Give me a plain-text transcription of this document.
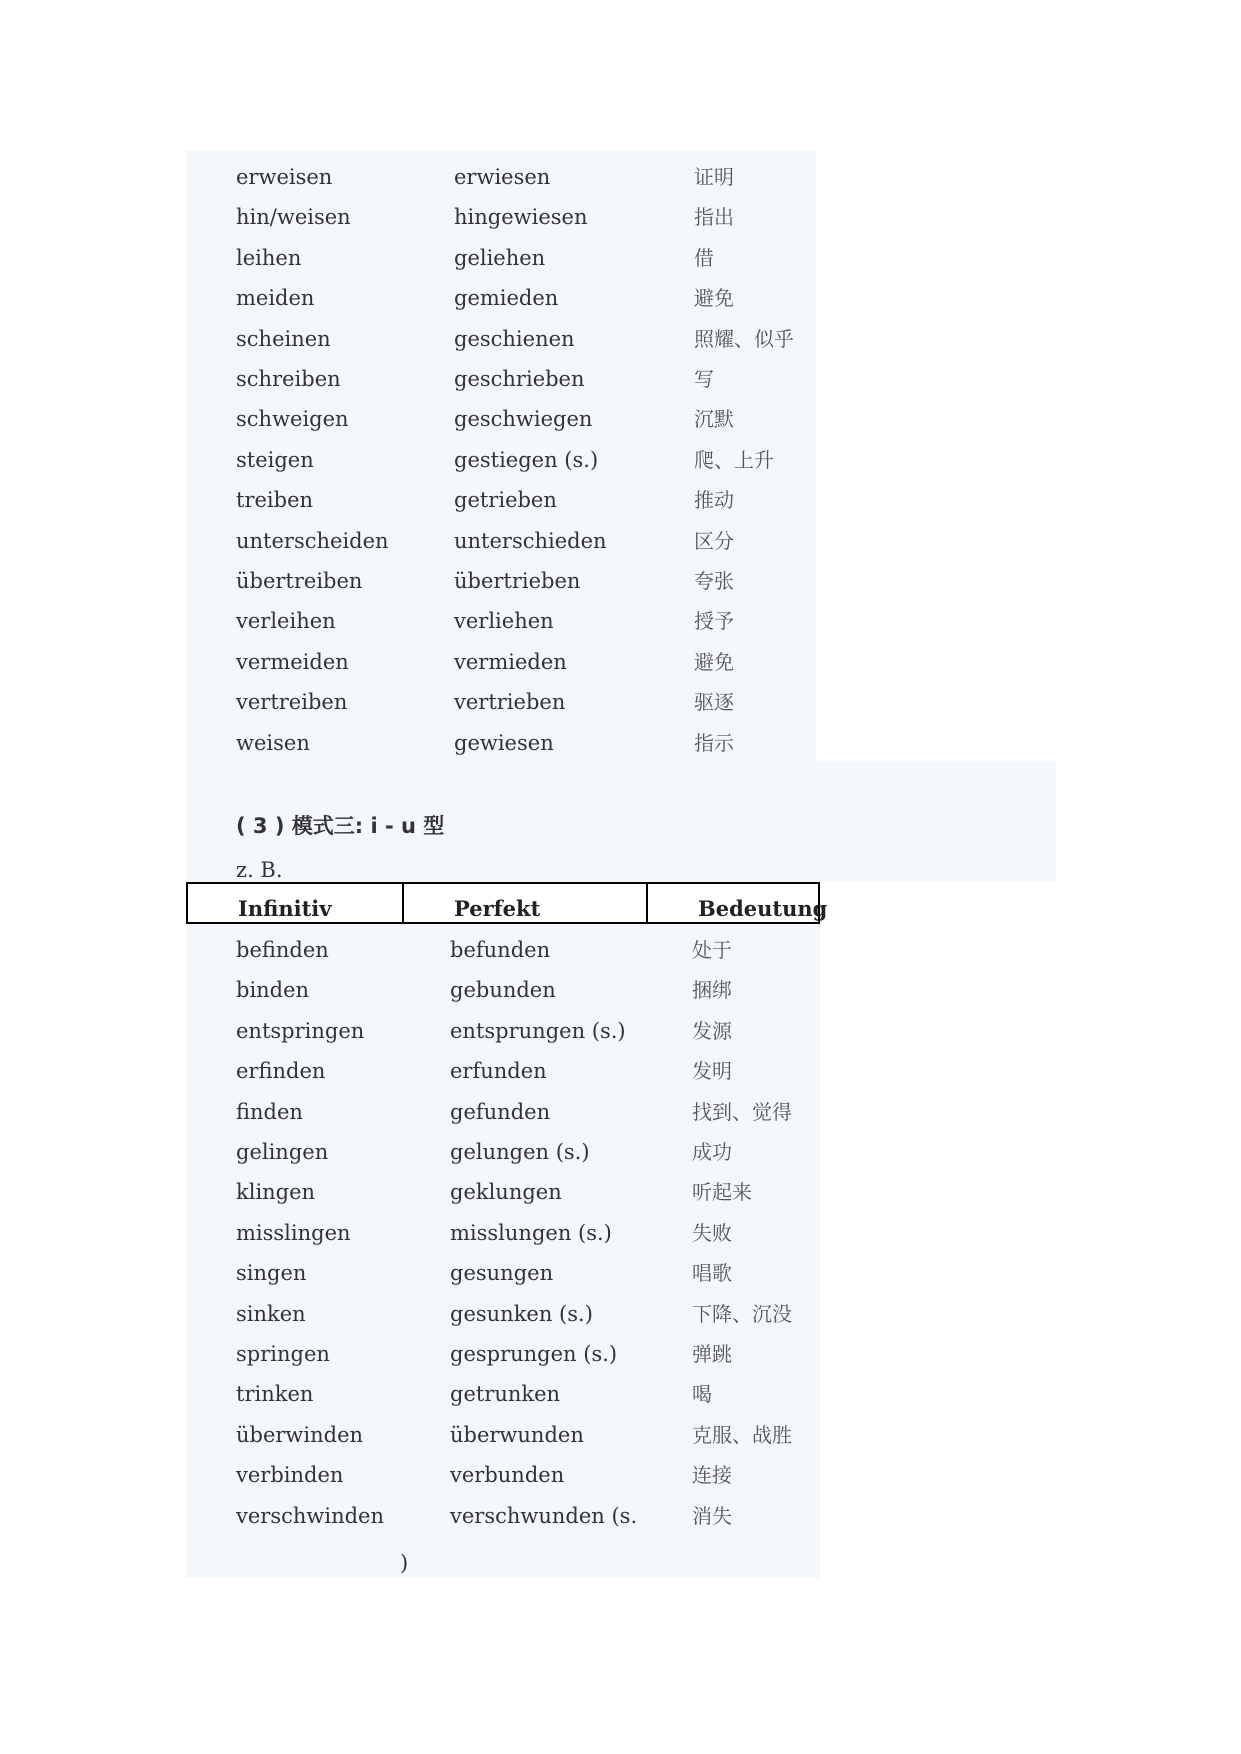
erweisen	erwiesen	证明
hin/weisen	hingewiesen	指出
leihen	geliehen	借
meiden	gemieden	避免
scheinen	geschienen	照耀、似乎
schreiben	geschrieben	写
schweigen	geschwiegen	沉默
steigen	gestiegen (s.)	爬、上升
treiben	getrieben	推动
unterscheiden	unterschieden	区分
übertreiben	übertrieben	夸张
verleihen	verliehen	授予
vermeiden	vermieden	避免
vertreiben	vertrieben	驱逐
weisen	gewiesen	指示
( 3 ) 模式三: i - u 型
z. B.
Infinitiv	Perfekt	Bedeutung
befinden	befunden	处于
binden	gebunden	捆绑
entspringen	entsprungen (s.)	发源
erfinden	erfunden	发明
finden	gefunden	找到、觉得
gelingen	gelungen (s.)	成功
klingen	geklungen	听起来
misslingen	misslungen (s.)	失败
singen	gesungen	唱歌
sinken	gesunken (s.)	下降、沉没
springen	gesprungen (s.)	弹跳
trinken	getrunken	喝
überwinden	überwunden	克服、战胜
verbinden	verbunden	连接
verschwinden	verschwunden (s.	消失
)
